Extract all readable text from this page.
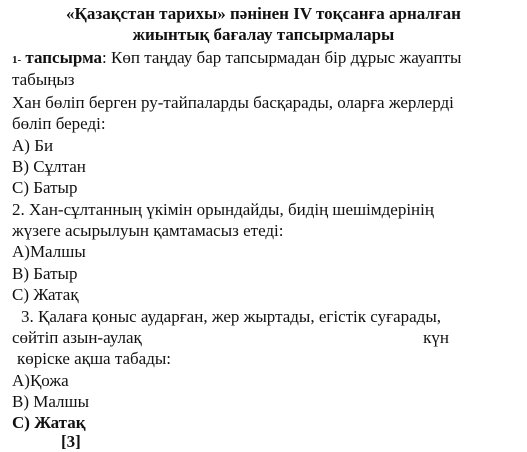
«Қазақстан тарихы» пәнінен IV тоқсанға арналған
жиынтық бағалау тапсырмалары
1- тапсырма: Көп таңдау бар тапсырмадан бір дұрыс жауапты
табыңыз
Хан бөліп берген ру-тайпаларды басқарады, оларға жерлерді
бөліп береді:
A) Би
B) Сұлтан
C) Батыр
2. Хан-сұлтанның үкімін орындайды, бидің шешімдерінің
жүзеге асырылуын қамтамасыз етеді:
A)Малшы
B) Батыр
C) Жатақ
3. Қалаға қоныс аударған, жер жыртады, егістік суғарады,
сөйтіп азын-аулақ	күн
көріске ақша табады:
A)Қожа
B) Малшы
C) Жатақ
[3]
